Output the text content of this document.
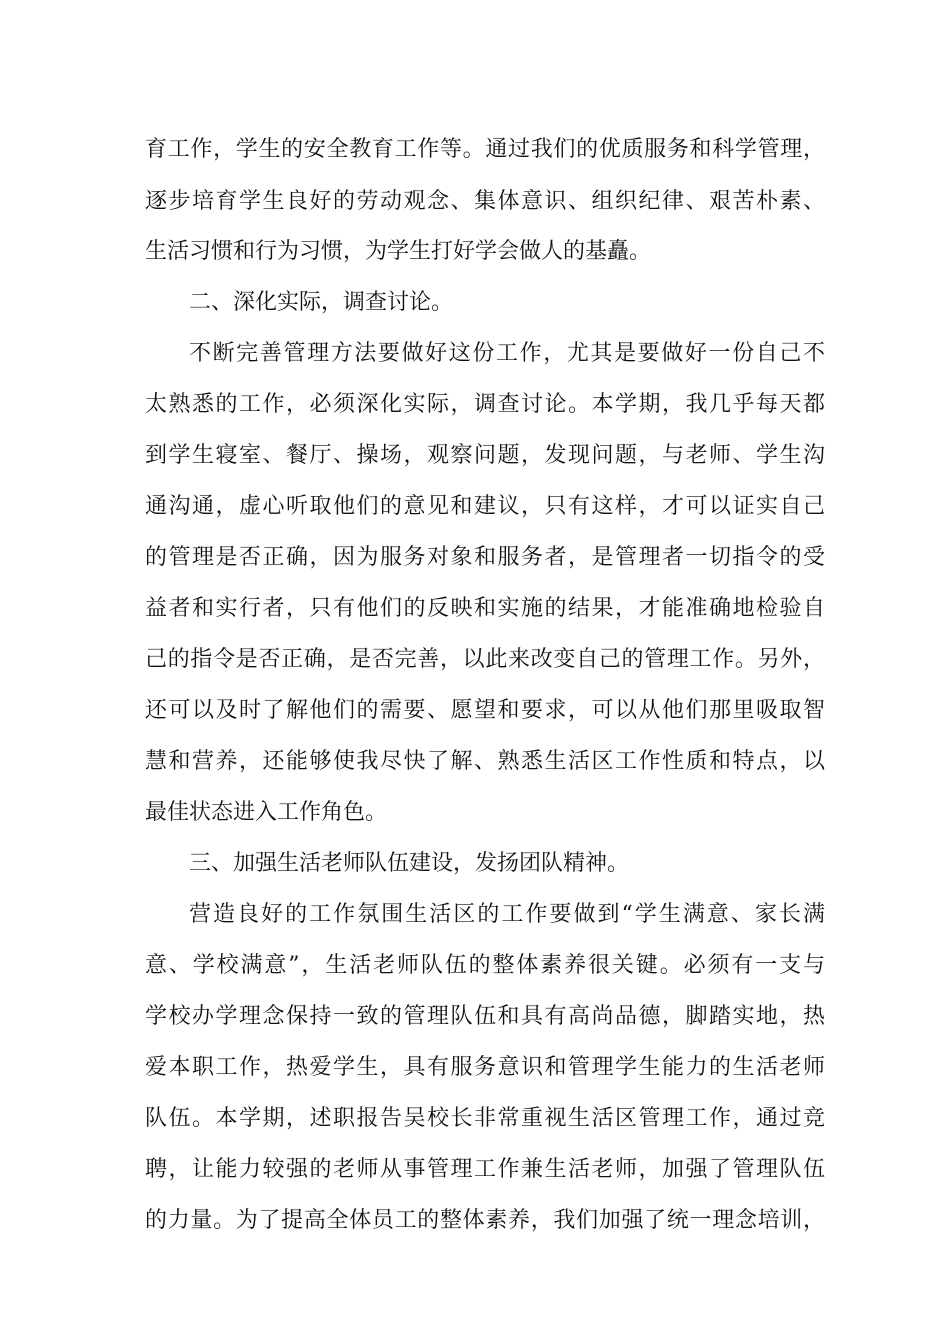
育工作，学生的安全教育工作等。通过我们的优质服务和科学管理，
逐步培育学生良好的劳动观念、集体意识、组织纪律、艰苦朴素、
生活习惯和行为习惯，为学生打好学会做人的基矗。
二、深化实际，调查讨论。
不断完善管理方法要做好这份工作，尤其是要做好一份自己不
太熟悉的工作，必须深化实际，调查讨论。本学期，我几乎每天都
到学生寝室、餐厅、操场，观察问题，发现问题，与老师、学生沟
通沟通，虚心听取他们的意见和建议，只有这样，才可以证实自己
的管理是否正确，因为服务对象和服务者，是管理者一切指令的受
益者和实行者，只有他们的反映和实施的结果，才能准确地检验自
己的指令是否正确，是否完善，以此来改变自己的管理工作。另外，
还可以及时了解他们的需要、愿望和要求，可以从他们那里吸取智
慧和营养，还能够使我尽快了解、熟悉生活区工作性质和特点，以
最佳状态进入工作角色。
三、加强生活老师队伍建设，发扬团队精神。
营造良好的工作氛围生活区的工作要做到“学生满意、家长满
意、学校满意”，生活老师队伍的整体素养很关键。必须有一支与
学校办学理念保持一致的管理队伍和具有高尚品德，脚踏实地，热
爱本职工作，热爱学生，具有服务意识和管理学生能力的生活老师
队伍。本学期，述职报告吴校长非常重视生活区管理工作，通过竞
聘，让能力较强的老师从事管理工作兼生活老师，加强了管理队伍
的力量。为了提高全体员工的整体素养，我们加强了统一理念培训，
